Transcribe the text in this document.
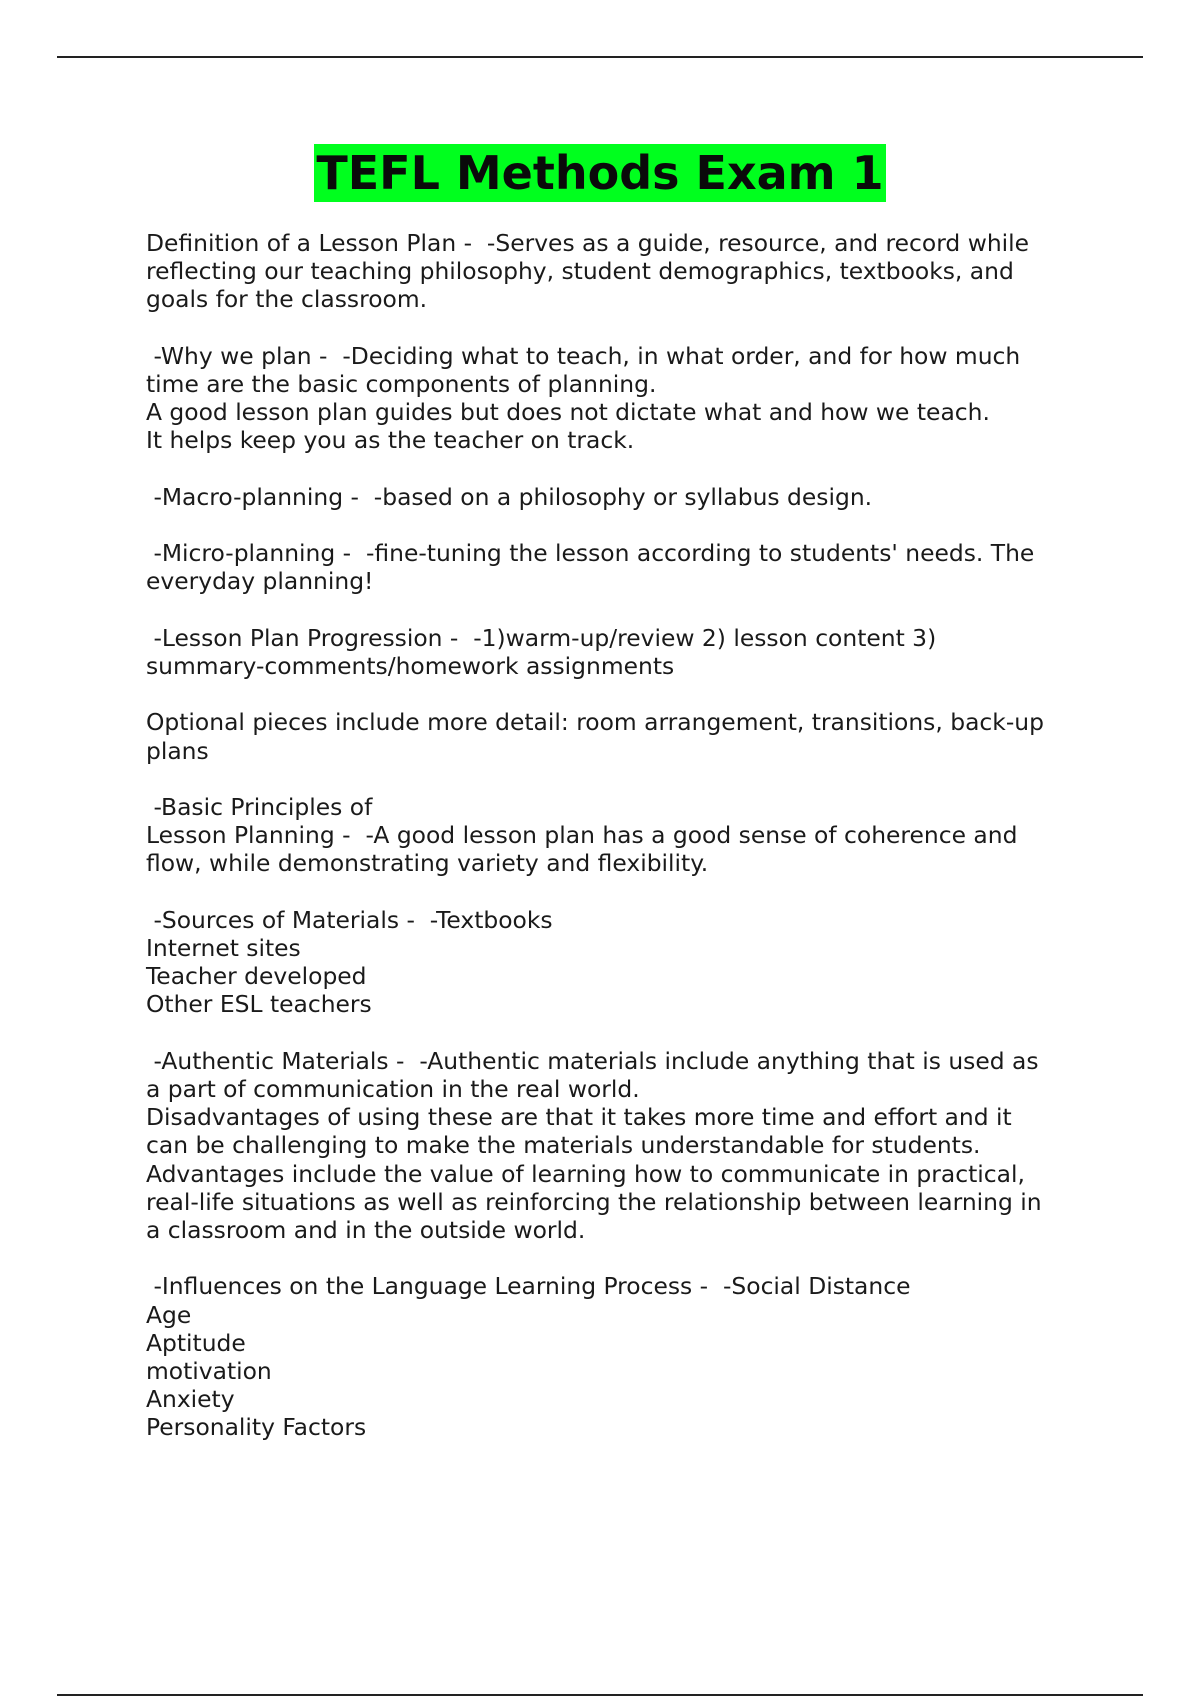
TEFL Methods Exam 1
Definition of a Lesson Plan -  -Serves as a guide, resource, and record while
reflecting our teaching philosophy, student demographics, textbooks, and
goals for the classroom.
-Why we plan -  -Deciding what to teach, in what order, and for how much
time are the basic components of planning.
A good lesson plan guides but does not dictate what and how we teach.
It helps keep you as the teacher on track.
-Macro-planning -  -based on a philosophy or syllabus design.
-Micro-planning -  -fine-tuning the lesson according to students' needs. The
everyday planning!
-Lesson Plan Progression -  -1)warm-up/review 2) lesson content 3)
summary-comments/homework assignments
Optional pieces include more detail: room arrangement, transitions, back-up
plans
-Basic Principles of
Lesson Planning -  -A good lesson plan has a good sense of coherence and
flow, while demonstrating variety and flexibility.
-Sources of Materials -  -Textbooks
Internet sites
Teacher developed
Other ESL teachers
-Authentic Materials -  -Authentic materials include anything that is used as
a part of communication in the real world.
Disadvantages of using these are that it takes more time and effort and it
can be challenging to make the materials understandable for students.
Advantages include the value of learning how to communicate in practical,
real-life situations as well as reinforcing the relationship between learning in
a classroom and in the outside world.
-Influences on the Language Learning Process -  -Social Distance
Age
Aptitude
motivation
Anxiety
Personality Factors
